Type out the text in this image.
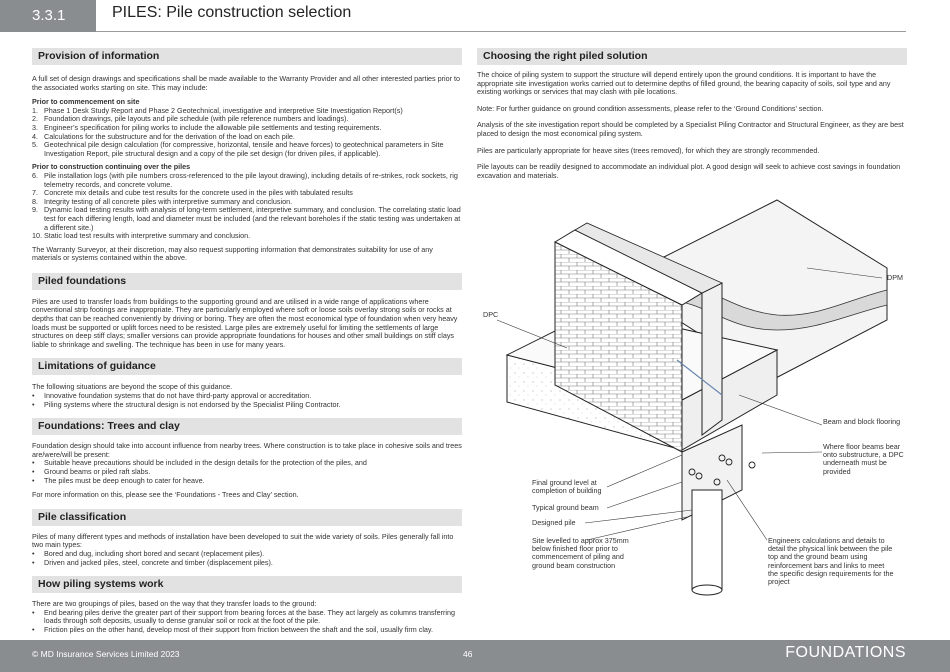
3.3.1	PILES: Pile construction selection
Provision of information
A full set of design drawings and specifications shall be made available to the Warranty Provider and all other interested parties prior to the associated works starting on site. This may include:
Prior to commencement on site
1. Phase 1 Desk Study Report and Phase 2 Geotechnical, investigative and interpretive Site Investigation Report(s)
2. Foundation drawings, pile layouts and pile schedule (with pile reference numbers and loadings).
3. Engineer’s specification for piling works to include the allowable pile settlements and testing requirements.
4. Calculations for the substructure and for the derivation of the load on each pile.
5. Geotechnical pile design calculation (for compressive, horizontal, tensile and heave forces) to geotechnical parameters in Site Investigation Report, pile structural design and a copy of the pile set design (for driven piles, if applicable).
Prior to construction continuing over the piles
6. Pile installation logs (with pile numbers cross-referenced to the pile layout drawing), including details of re-strikes, rock sockets, rig telemetry records, and concrete volume.
7. Concrete mix details and cube test results for the concrete used in the piles with tabulated results
8. Integrity testing of all concrete piles with interpretive summary and conclusion.
9. Dynamic load testing results with analysis of long-term settlement, interpretive summary, and conclusion. The correlating static load test for each differing length, load and diameter must be included (and the relevant boreholes if the static testing was undertaken at a different site.)
10. Static load test results with interpretive summary and conclusion.
The Warranty Surveyor, at their discretion, may also request supporting information that demonstrates suitability for use of any materials or systems contained within the above.
Piled foundations
Piles are used to transfer loads from buildings to the supporting ground and are utilised in a wide range of applications where conventional strip footings are inappropriate. They are particularly employed where soft or loose soils overlay strong soils or rocks at depths that can be reached conveniently by driving or boring. They are often the most economical type of foundation when very heavy loads must be supported or uplift forces need to be resisted. Large piles are extremely useful for limiting the settlements of large structures on deep stiff clays; smaller versions can provide appropriate foundations for houses and other small buildings on stiff clays liable to shrinkage and swelling. The technique has been in use for many years.
Limitations of guidance
The following situations are beyond the scope of this guidance.
• Innovative foundation systems that do not have third-party approval or accreditation.
• Piling systems where the structural design is not endorsed by the Specialist Piling Contractor.
Foundations: Trees and clay
Foundation design should take into account influence from nearby trees. Where construction is to take place in cohesive soils and trees are/were/will be present:
• Suitable heave precautions should be included in the design details for the protection of the piles, and
• Ground beams or piled raft slabs.
• The piles must be deep enough to cater for heave.
For more information on this, please see the ‘Foundations - Trees and Clay’ section.
Pile classification
Piles of many different types and methods of installation have been developed to suit the wide variety of soils. Piles generally fall into two main types:
• Bored and dug, including short bored and secant (replacement piles).
• Driven and jacked piles, steel, concrete and timber (displacement piles).
How piling systems work
There are two groupings of piles, based on the way that they transfer loads to the ground:
• End bearing piles derive the greater part of their support from bearing forces at the base. They act largely as columns transferring loads through soft deposits, usually to dense granular soil or rock at the foot of the pile.
• Friction piles on the other hand, develop most of their support from friction between the shaft and the soil, usually firm clay.
Choosing the right piled solution
The choice of piling system to support the structure will depend entirely upon the ground conditions. It is important to have the appropriate site investigation works carried out to determine depths of filled ground, the bearing capacity of soils, soil type and any existing workings or services that may clash with pile locations.
Note: For further guidance on ground condition assessments, please refer to the ‘Ground Conditions’ section.
Analysis of the site investigation report should be completed by a Specialist Piling Contractor and Structural Engineer, as they are best placed to design the most economical piling system.
Piles are particularly appropriate for heave sites (trees removed), for which they are strongly recommended.
Pile layouts can be readily designed to accommodate an individual plot. A good design will seek to achieve cost savings in foundation excavation and materials.
DPM
DPC
Beam and block flooring
Where floor beams bear onto substructure, a DPC underneath must be provided
Final ground level at completion of building
Typical ground beam
Designed pile
Site levelled to approx 375mm below finished floor prior to commencement of piling and ground beam construction
Engineers calculations and details to detail the physical link between the pile top and the ground beam using reinforcement bars and links to meet the specific design requirements for the project
© MD Insurance Services Limited 2023	46	FOUNDATIONS
